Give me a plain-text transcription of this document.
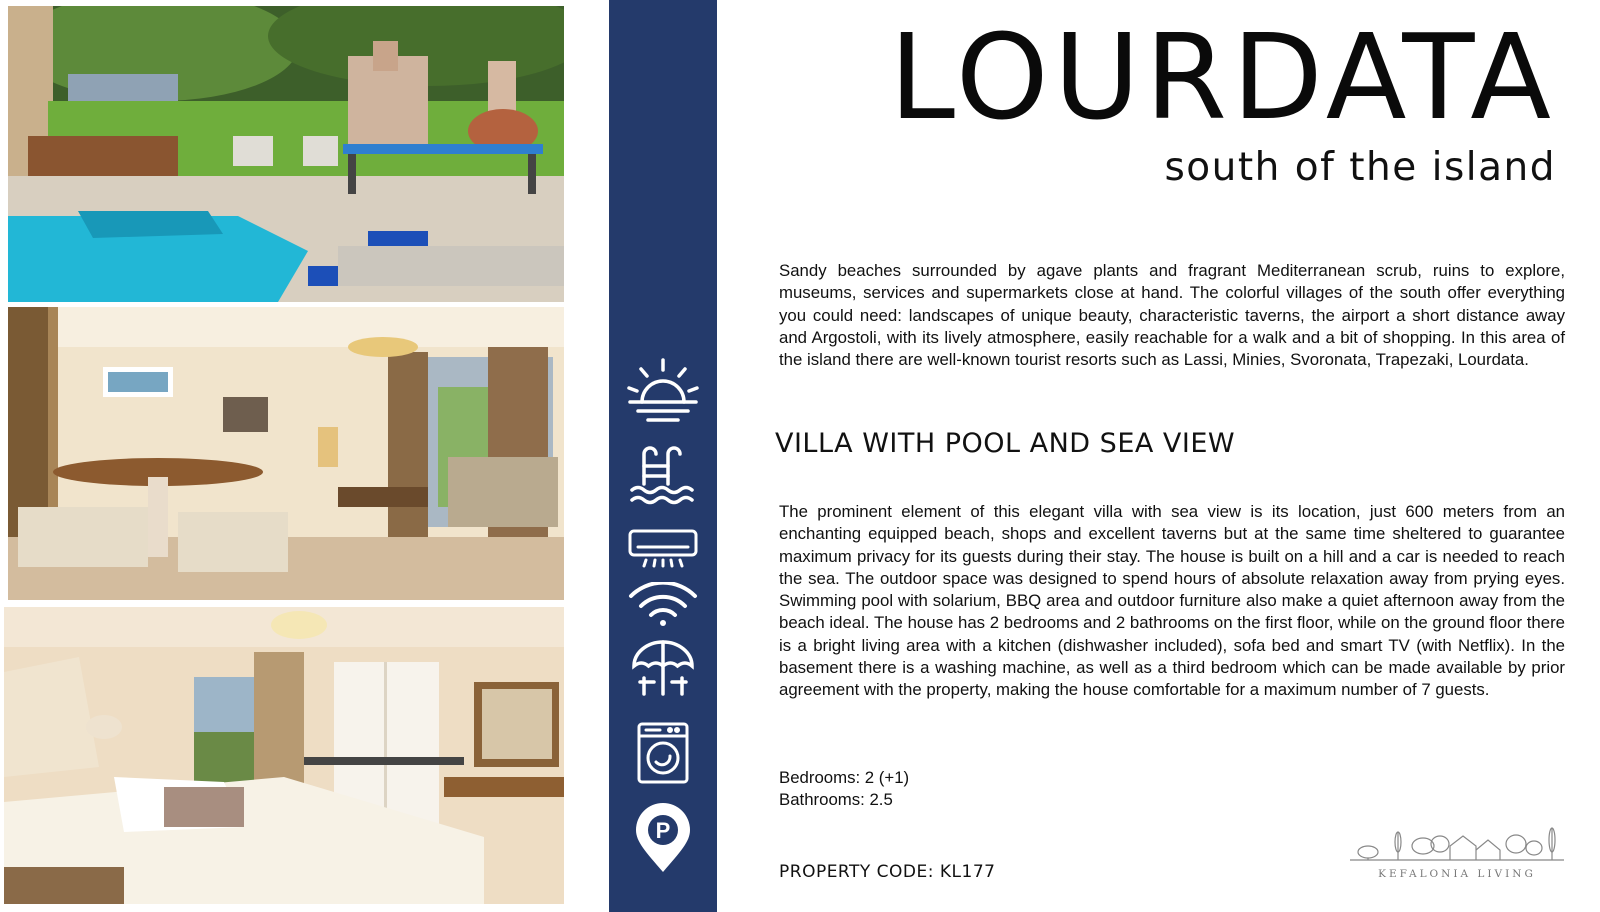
P
LOURDATA
south of the island

Sandy beaches surrounded by agave plants and fragrant Mediterranean scrub, ruins to explore, museums, services and supermarkets close at hand. The colorful villages of the south offer everything you could need: landscapes of unique beauty, characteristic taverns, the airport a short distance away and Argostoli, with its lively atmosphere, easily reachable for a walk and a bit of shopping. In this area of the island there are well-known tourist resorts such as Lassi, Minies, Svoronata, Trapezaki, Lourdata.

VILLA WITH POOL AND SEA VIEW

The prominent element of this elegant villa with sea view is its location, just 600 meters from an enchanting equipped beach, shops and excellent taverns but at the same time sheltered to guarantee maximum privacy for its guests during their stay. The house is built on a hill and a car is needed to reach the sea. The outdoor space was designed to spend hours of absolute relaxation away from prying eyes. Swimming pool with solarium, BBQ area and outdoor furniture also make a quiet afternoon away from the beach ideal. The house has 2 bedrooms and 2 bathrooms on the first floor, while on the ground floor there is a bright living area with a kitchen (dishwasher included), sofa bed and smart TV (with Netflix). In the basement there is a washing machine, as well as a third bedroom which can be made available by prior agreement with the property, making the house comfortable for a maximum number of 7 guests.

Bedrooms: 2 (+1)
Bathrooms: 2.5
PROPERTY CODE: KL177	KEFALONIA LIVING
